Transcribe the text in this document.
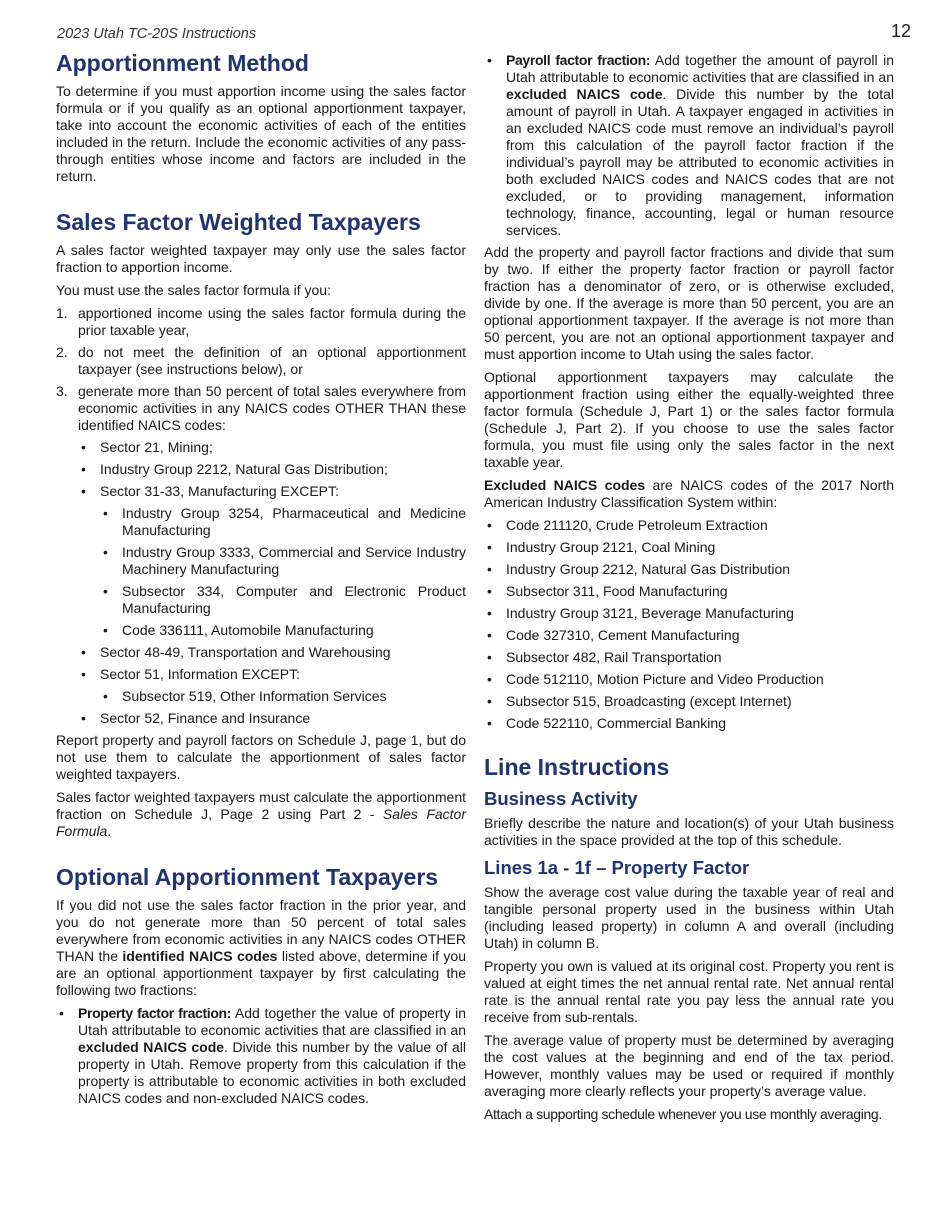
2023 Utah TC-20S Instructions	12
Apportionment Method

To determine if you must apportion income using the sales factor formula or if you qualify as an optional apportionment taxpayer, take into account the economic activities of each of the entities included in the return. Include the economic activities of any pass-through entities whose income and factors are included in the return.

Sales Factor Weighted Taxpayers

A sales factor weighted taxpayer may only use the sales factor fraction to apportion income.

You must use the sales factor formula if you:

1. apportioned income using the sales factor formula during the prior taxable year,
2. do not meet the definition of an optional apportionment taxpayer (see instructions below), or
3. generate more than 50 percent of total sales everywhere from economic activities in any NAICS codes OTHER THAN these identified NAICS codes:
• Sector 21, Mining;
• Industry Group 2212, Natural Gas Distribution;
• Sector 31-33, Manufacturing EXCEPT:
• Industry Group 3254, Pharmaceutical and Medicine Manufacturing
• Industry Group 3333, Commercial and Service Industry Machinery Manufacturing
• Subsector 334, Computer and Electronic Product Manufacturing
• Code 336111, Automobile Manufacturing
• Sector 48-49, Transportation and Warehousing
• Sector 51, Information EXCEPT:
• Subsector 519, Other Information Services
• Sector 52, Finance and Insurance

Report property and payroll factors on Schedule J, page 1, but do not use them to calculate the apportionment of sales factor weighted taxpayers.

Sales factor weighted taxpayers must calculate the apportionment fraction on Schedule J, Page 2 using Part 2 - Sales Factor Formula.

Optional Apportionment Taxpayers

If you did not use the sales factor fraction in the prior year, and you do not generate more than 50 percent of total sales everywhere from economic activities in any NAICS codes OTHER THAN the identified NAICS codes listed above, determine if you are an optional apportionment taxpayer by first calculating the following two fractions:

• Property factor fraction: Add together the value of property in Utah attributable to economic activities that are classified in an excluded NAICS code. Divide this number by the value of all property in Utah. Remove property from this calculation if the property is attributable to economic activities in both excluded NAICS codes and non-excluded NAICS codes.
• Payroll factor fraction: Add together the amount of payroll in Utah attributable to economic activities that are classified in an excluded NAICS code. Divide this number by the total amount of payroll in Utah. A taxpayer engaged in activities in an excluded NAICS code must remove an individual’s payroll from this calculation of the payroll factor fraction if the individual’s payroll may be attributed to economic activities in both excluded NAICS codes and NAICS codes that are not excluded, or to providing management, information technology, finance, accounting, legal or human resource services.

Add the property and payroll factor fractions and divide that sum by two. If either the property factor fraction or payroll factor fraction has a denominator of zero, or is otherwise excluded, divide by one. If the average is more than 50 percent, you are an optional apportionment taxpayer. If the average is not more than 50 percent, you are not an optional apportionment taxpayer and must apportion income to Utah using the sales factor.

Optional apportionment taxpayers may calculate the apportionment fraction using either the equally-weighted three factor formula (Schedule J, Part 1) or the sales factor formula (Schedule J, Part 2). If you choose to use the sales factor formula, you must file using only the sales factor in the next taxable year.

Excluded NAICS codes are NAICS codes of the 2017 North American Industry Classification System within:

• Code 211120, Crude Petroleum Extraction
• Industry Group 2121, Coal Mining
• Industry Group 2212, Natural Gas Distribution
• Subsector 311, Food Manufacturing
• Industry Group 3121, Beverage Manufacturing
• Code 327310, Cement Manufacturing
• Subsector 482, Rail Transportation
• Code 512110, Motion Picture and Video Production
• Subsector 515, Broadcasting (except Internet)
• Code 522110, Commercial Banking
Line Instructions
Business Activity

Briefly describe the nature and location(s) of your Utah business activities in the space provided at the top of this schedule.

Lines 1a - 1f – Property Factor

Show the average cost value during the taxable year of real and tangible personal property used in the business within Utah (including leased property) in column A and overall (including Utah) in column B.

Property you own is valued at its original cost. Property you rent is valued at eight times the net annual rental rate. Net annual rental rate is the annual rental rate you pay less the annual rate you receive from sub-rentals.

The average value of property must be determined by averaging the cost values at the beginning and end of the tax period. However, monthly values may be used or required if monthly averaging more clearly reflects your property’s average value.

Attach a supporting schedule whenever you use monthly averaging.
